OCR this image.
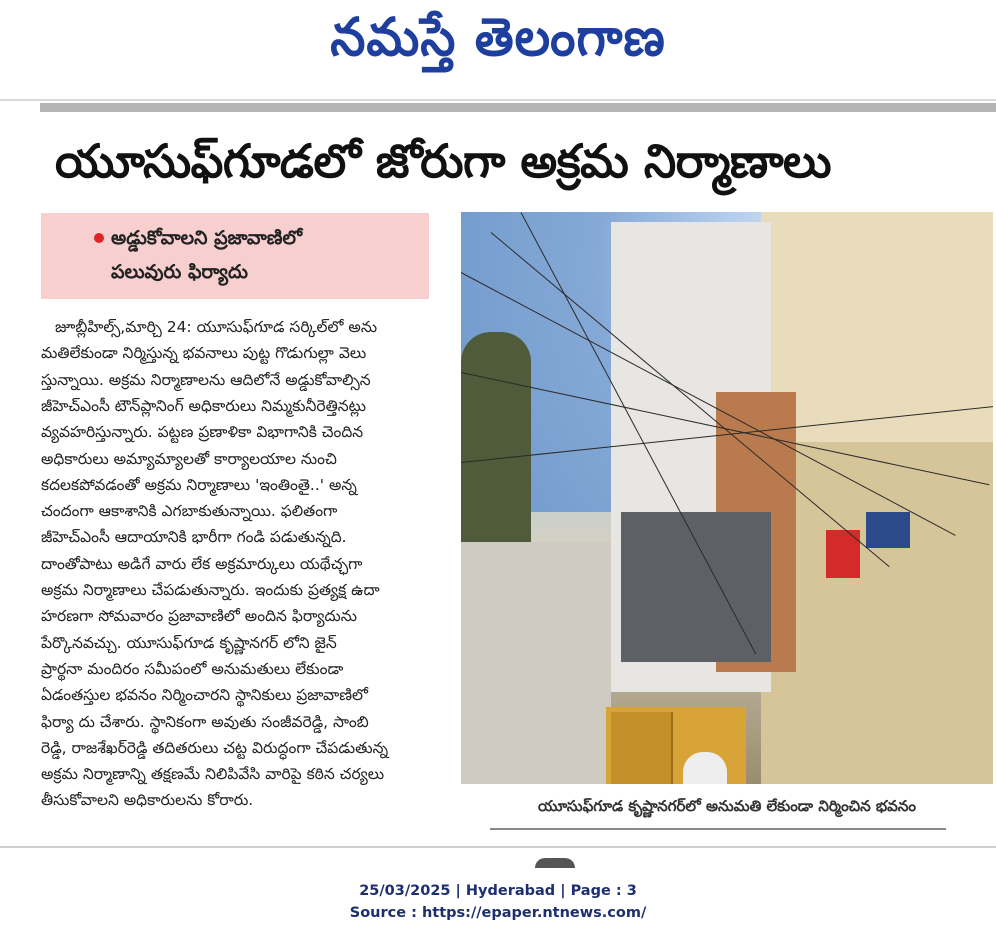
నమస్తే తెలంగాణ
యూసుఫ్‌గూడలో జోరుగా అక్రమ నిర్మాణాలు
అడ్డుకోవాలని ప్రజావాణిలో
పలువురు ఫిర్యాదు
జూబ్లీహిల్స్,మార్చి 24: యూసుఫ్‌గూడ సర్కిల్‌లో అను
మతిలేకుండా నిర్మిస్తున్న భవనాలు పుట్ట గొడుగుల్లా వెలు
స్తున్నాయి. అక్రమ నిర్మాణాలను ఆదిలోనే అడ్డుకోవాల్సిన
జీహెచ్‌ఎంసీ టౌన్‌ప్లానింగ్ అధికారులు నిమ్మకునీరెత్తినట్లు
వ్యవహరిస్తున్నారు. పట్టణ ప్రణాళికా విభాగానికి చెందిన
అధికారులు అమ్యామ్యాలతో కార్యాలయాల నుంచి
కదలకపోవడంతో అక్రమ నిర్మాణాలు 'ఇంతింతై..' అన్న
చందంగా ఆకాశానికి ఎగబాకుతున్నాయి. ఫలితంగా
జీహెచ్‌ఎంసీ ఆదాయానికి భారీగా గండి పడుతున్నది.
దాంతోపాటు అడిగే వారు లేక అక్రమార్కులు యథేచ్ఛగా
అక్రమ నిర్మాణాలు చేపడుతున్నారు. ఇందుకు ప్రత్యక్ష ఉదా
హరణగా సోమవారం ప్రజావాణిలో అందిన ఫిర్యాదును
పేర్కొనవచ్చు. యూసుఫ్‌గూడ కృష్ణానగర్ లోని జైన్
ప్రార్థనా మందిరం సమీపంలో అనుమతులు లేకుండా
ఏడంతస్తుల భవనం నిర్మించారని స్థానికులు ప్రజావాణిలో
ఫిర్యా దు చేశారు. స్థానికంగా అవుతు సంజీవరెడ్డి, సాంబి
రెడ్డి, రాజశేఖర్‌రెడ్డి తదితరులు చట్ట విరుద్ధంగా చేపడుతున్న
అక్రమ నిర్మాణాన్ని తక్షణమే నిలిపివేసి వారిపై కఠిన చర్యలు
తీసుకోవాలని అధికారులను కోరారు.	యూసుఫ్‌గూడ కృష్ణానగర్‌లో అనుమతి లేకుండా నిర్మించిన భవనం
25/03/2025 | Hyderabad | Page : 3
Source : https://epaper.ntnews.com/
